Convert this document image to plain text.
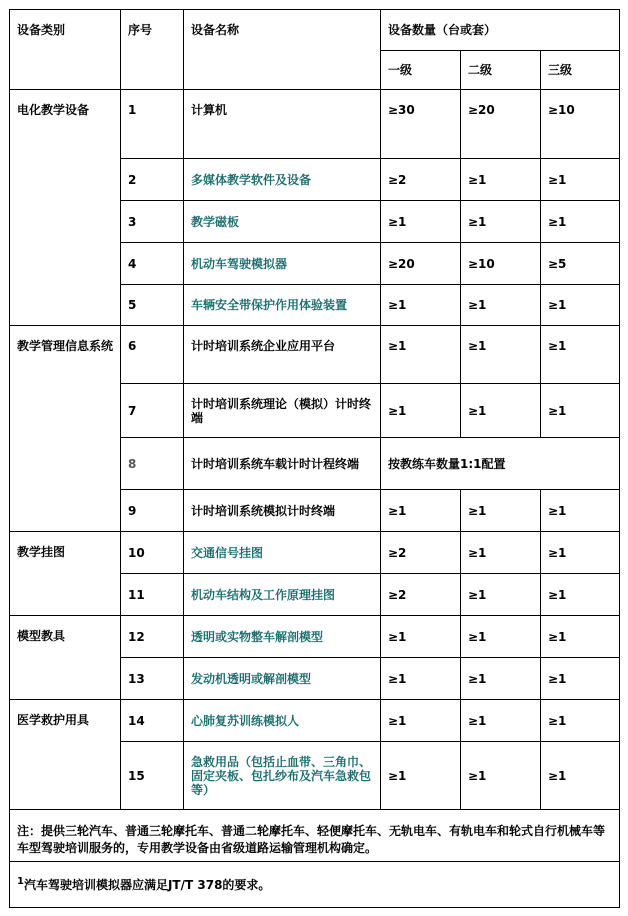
设备类别	序号	设备名称	设备数量（台或套）		
			一级	二级	三级
电化教学设备	1	计算机	≥30	≥20	≥10
	2	多媒体教学软件及设备	≥2	≥1	≥1
	3	教学磁板	≥1	≥1	≥1
	4	机动车驾驶模拟器	≥20	≥10	≥5
	5	车辆安全带保护作用体验装置	≥1	≥1	≥1
教学管理信息系统	6	计时培训系统企业应用平台	≥1	≥1	≥1
	7	计时培训系统理论（模拟）计时终端	≥1	≥1	≥1
	8	计时培训系统车载计时计程终端	按教练车数量1:1配置		
	9	计时培训系统模拟计时终端	≥1	≥1	≥1
教学挂图	10	交通信号挂图	≥2	≥1	≥1
	11	机动车结构及工作原理挂图	≥2	≥1	≥1
模型教具	12	透明或实物整车解剖模型	≥1	≥1	≥1
	13	发动机透明或解剖模型	≥1	≥1	≥1
医学救护用具	14	心肺复苏训练模拟人	≥1	≥1	≥1
	15	急救用品（包括止血带、三角巾、固定夹板、包扎纱布及汽车急救包等）	≥1	≥1	≥1
注：提供三轮汽车、普通三轮摩托车、普通二轮摩托车、轻便摩托车、无轨电车、有轨电车和轮式自行机械车等车型驾驶培训服务的，专用教学设备由省级道路运输管理机构确定。					
$^1$汽车驾驶培训模拟器应满足JT/T 378的要求。					
